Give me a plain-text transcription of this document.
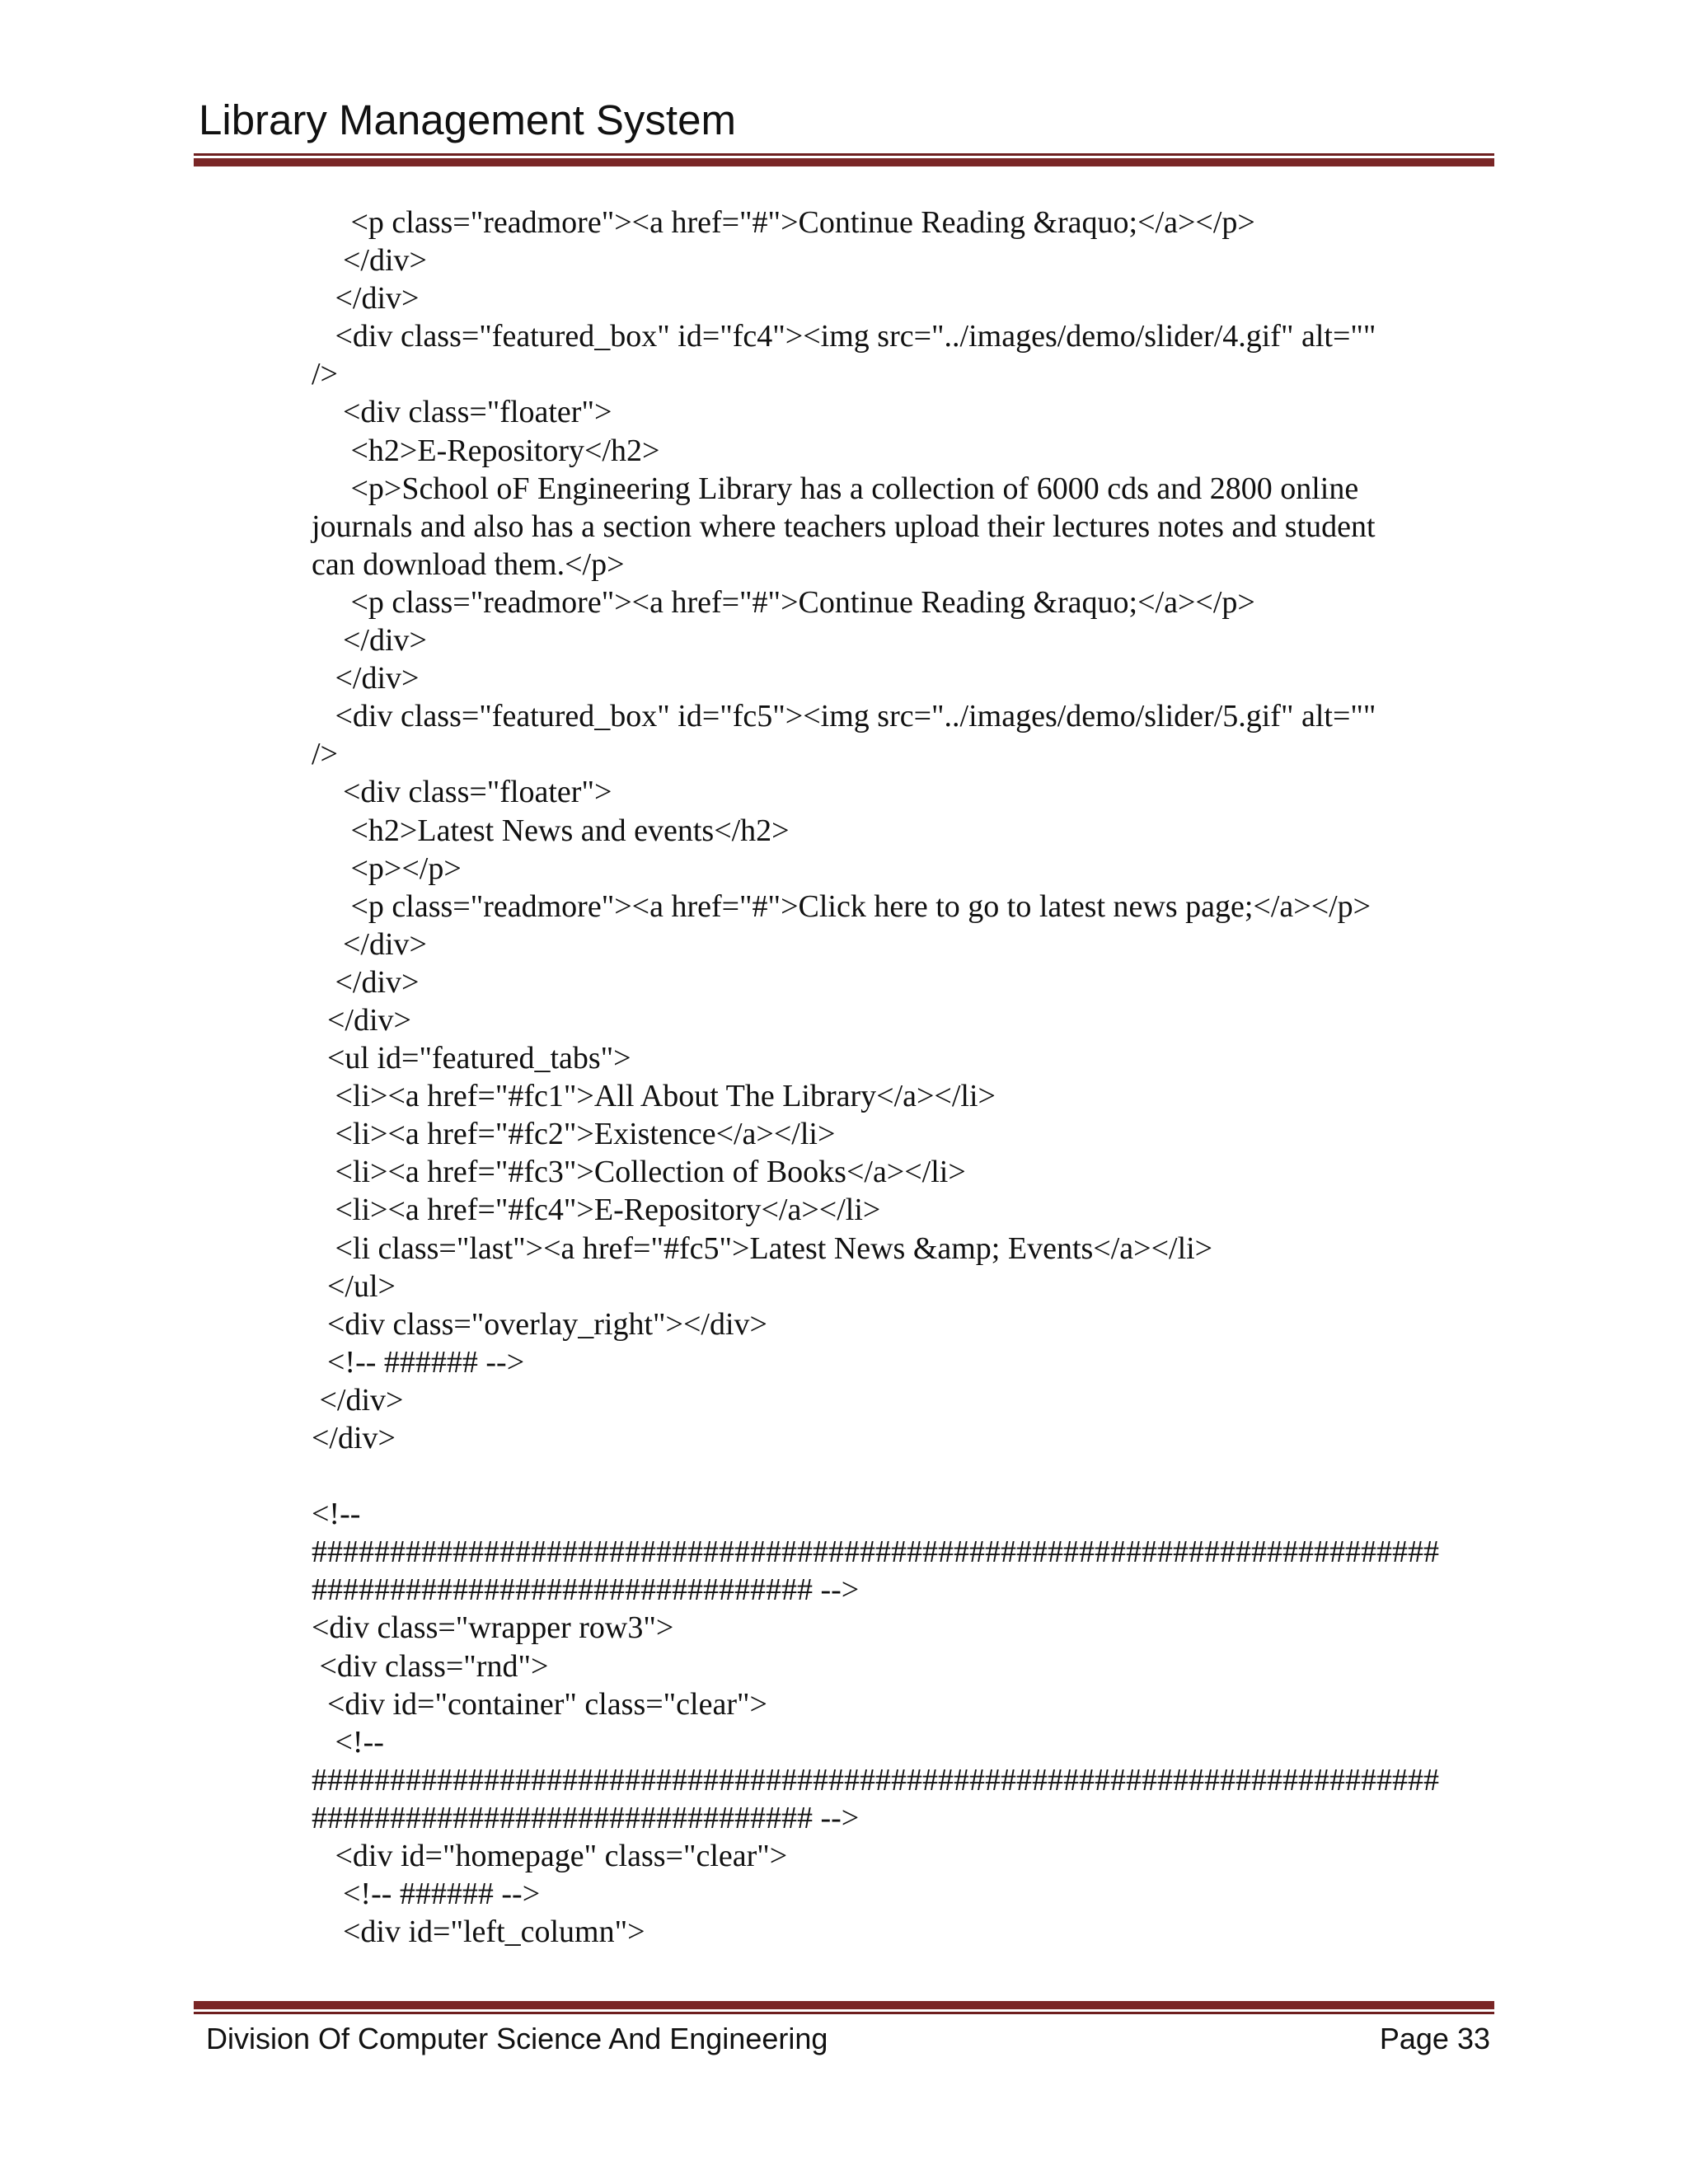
Library Management System
<p class="readmore"><a href="#">Continue Reading &raquo;</a></p>
</div>
</div>
<div class="featured_box" id="fc4"><img src="../images/demo/slider/4.gif" alt=""
/>
<div class="floater">
<h2>E-Repository</h2>
<p>School oF Engineering Library has a collection of 6000 cds and 2800 online
journals and also has a section where teachers upload their lectures notes and student
can download them.</p>
<p class="readmore"><a href="#">Continue Reading &raquo;</a></p>
</div>
</div>
<div class="featured_box" id="fc5"><img src="../images/demo/slider/5.gif" alt=""
/>
<div class="floater">
<h2>Latest News and events</h2>
<p></p>
<p class="readmore"><a href="#">Click here to go to latest news page;</a></p>
</div>
</div>
</div>
<ul id="featured_tabs">
<li><a href="#fc1">All About The Library</a></li>
<li><a href="#fc2">Existence</a></li>
<li><a href="#fc3">Collection of Books</a></li>
<li><a href="#fc4">E-Repository</a></li>
<li class="last"><a href="#fc5">Latest News &amp; Events</a></li>
</ul>
<div class="overlay_right"></div>
<!-- ###### -->
</div>
</div>
<!--
########################################################################
################################ -->
<div class="wrapper row3">
<div class="rnd">
<div id="container" class="clear">
<!--
########################################################################
################################ -->
<div id="homepage" class="clear">
<!-- ###### -->
<div id="left_column">
Division Of Computer Science And Engineering	Page 33
